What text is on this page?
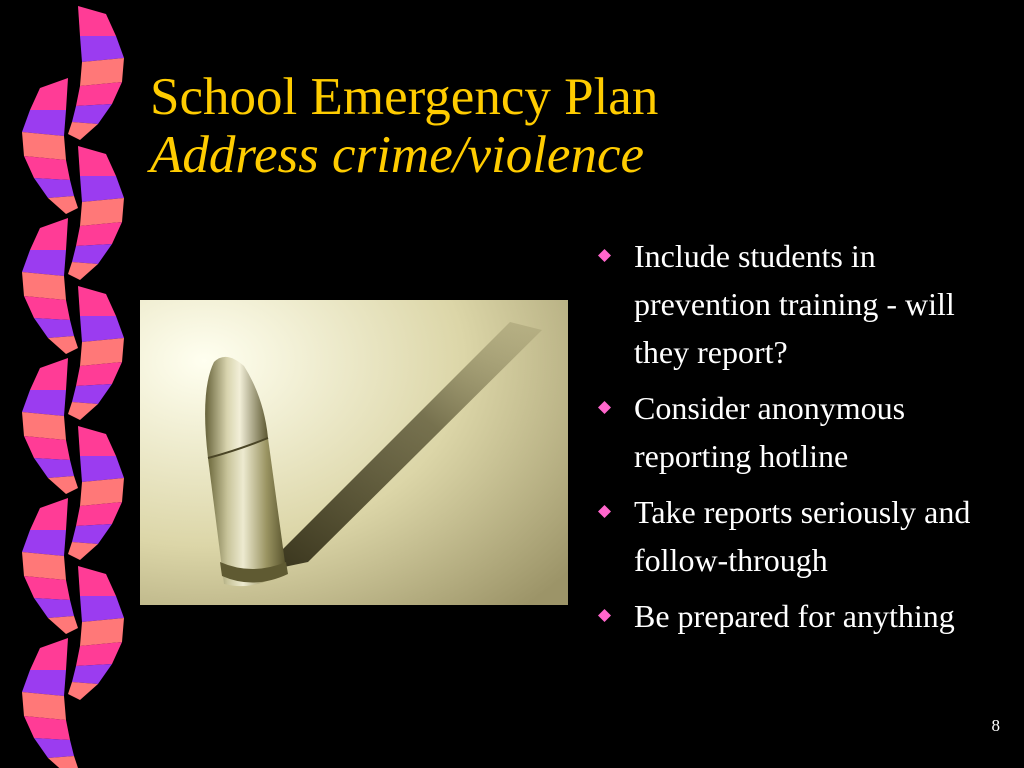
School Emergency Plan
Address crime/violence
Include students in prevention training - will they report?
Consider anonymous reporting hotline
Take reports seriously and follow-through
Be prepared for anything
8
